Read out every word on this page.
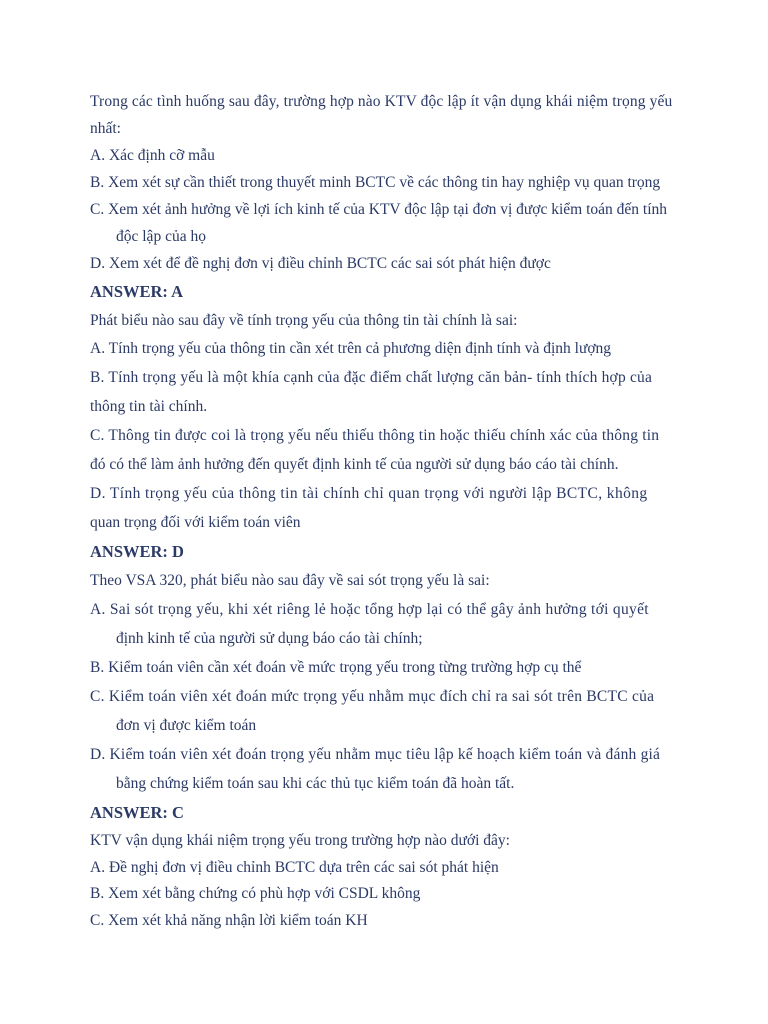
Trong các tình huống sau đây, trường hợp nào KTV độc lập ít vận dụng khái niệm trọng yếu
nhất:
A. Xác định cỡ mẫu
B. Xem xét sự cần thiết trong thuyết minh BCTC về các thông tin hay nghiệp vụ quan trọng
C. Xem xét ảnh hưởng về lợi ích kinh tế của KTV độc lập tại đơn vị được kiểm toán đến tính
độc lập của họ
D. Xem xét để đề nghị đơn vị điều chỉnh BCTC các sai sót phát hiện được
ANSWER: A
Phát biểu nào sau đây về tính trọng yếu của thông tin tài chính là sai:
A. Tính trọng yếu của thông tin cần xét trên cả phương diện định tính và định lượng
B. Tính trọng yếu là một khía cạnh của đặc điểm chất lượng căn bản- tính thích hợp của
thông tin tài chính.
C. Thông tin được coi là trọng yếu nếu thiếu thông tin hoặc thiếu chính xác của thông tin
đó có thể làm ảnh hưởng đến quyết định kinh tế của người sử dụng báo cáo tài chính.
D. Tính trọng yếu của thông tin tài chính chỉ quan trọng với người lập BCTC, không
quan trọng đối với kiểm toán viên
ANSWER: D
Theo VSA 320, phát biểu nào sau đây về sai sót trọng yếu là sai:
A. Sai sót trọng yếu, khi xét riêng lẻ hoặc tổng hợp lại có thể gây ảnh hưởng tới quyết
định kinh tế của người sử dụng báo cáo tài chính;
B. Kiểm toán viên cần xét đoán về mức trọng yếu trong từng trường hợp cụ thể
C. Kiểm toán viên xét đoán mức trọng yếu nhằm mục đích chỉ ra sai sót trên BCTC của
đơn vị được kiểm toán
D. Kiểm toán viên xét đoán trọng yếu nhằm mục tiêu lập kế hoạch kiểm toán và đánh giá
bằng chứng kiểm toán sau khi các thủ tục kiểm toán đã hoàn tất.
ANSWER: C
KTV vận dụng khái niệm trọng yếu trong trường hợp nào dưới đây:
A. Đề nghị đơn vị điều chỉnh BCTC dựa trên các sai sót phát hiện
B. Xem xét bằng chứng có phù hợp với CSDL không
C. Xem xét khả năng nhận lời kiểm toán KH
